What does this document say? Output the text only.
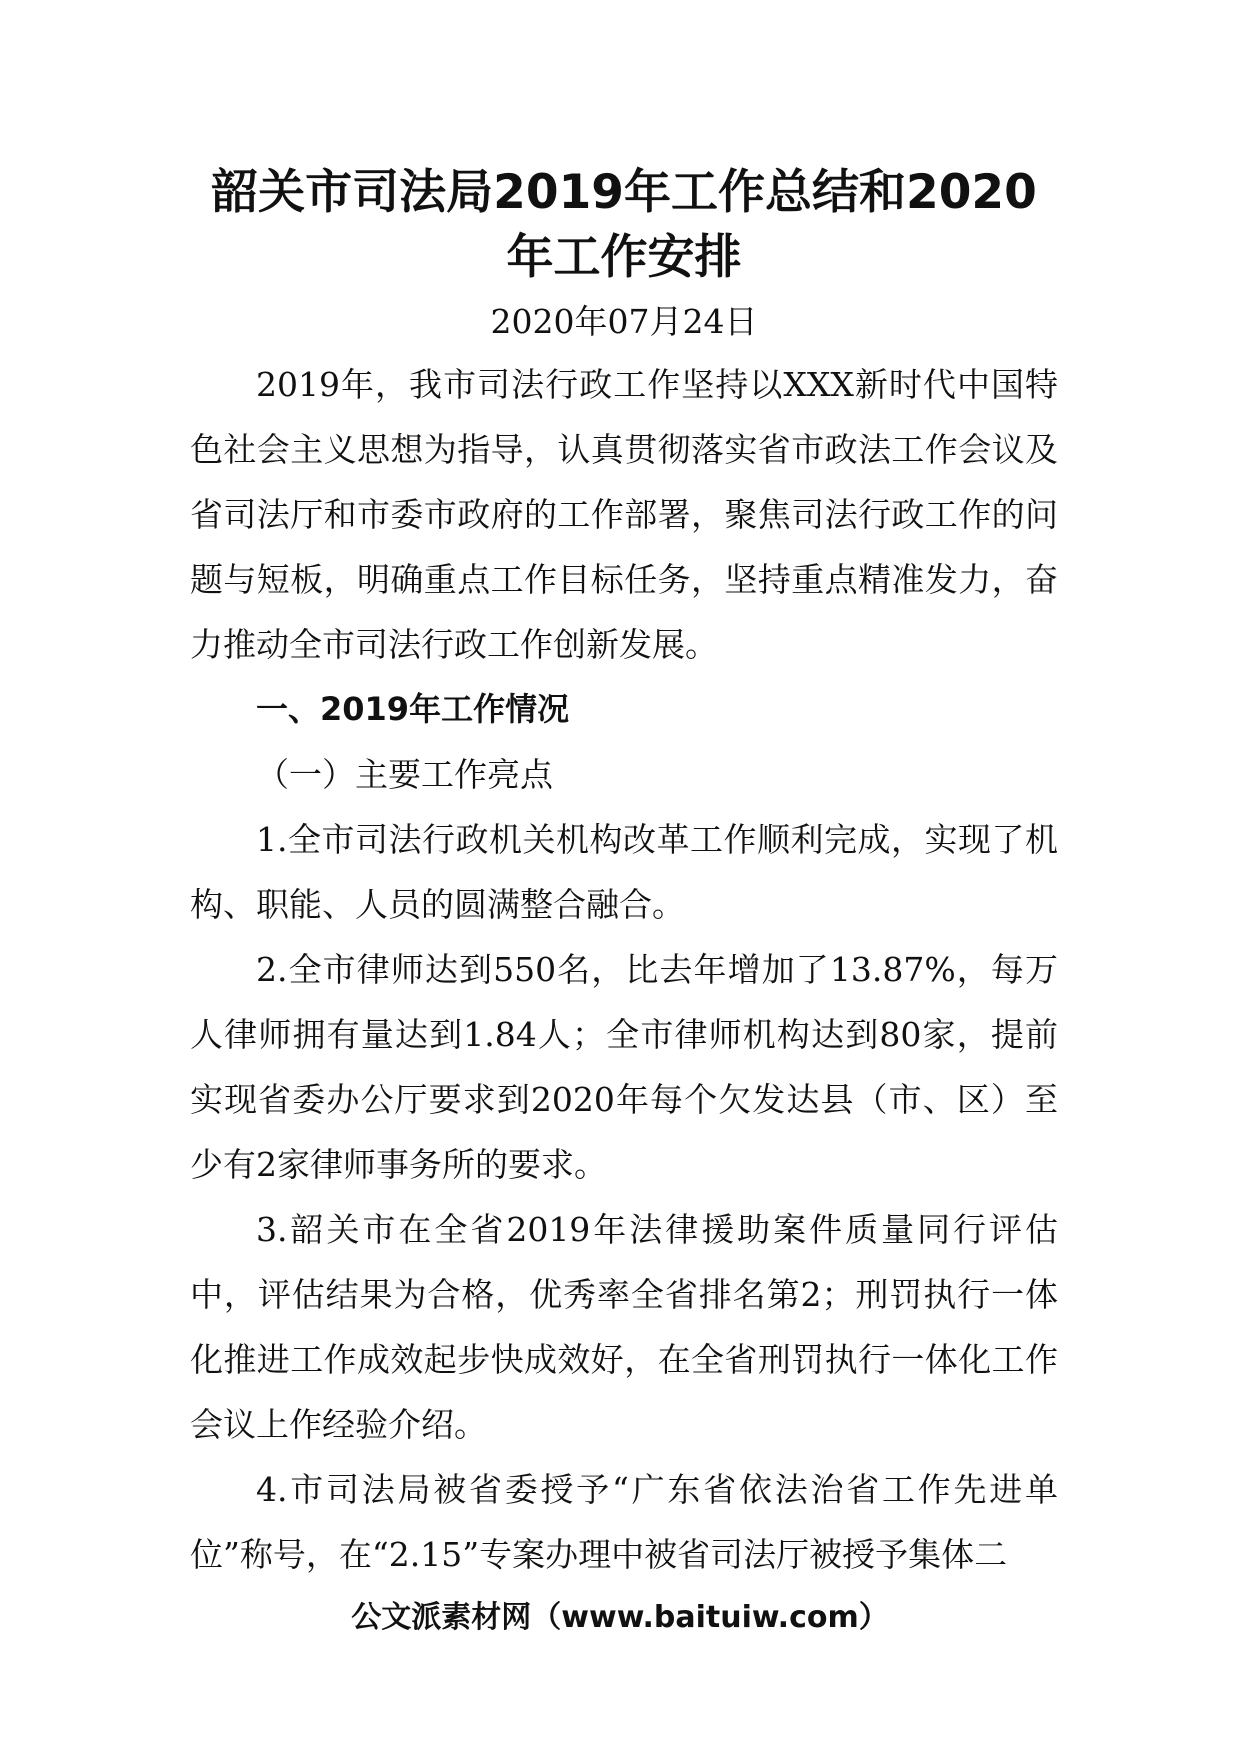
韶关市司法局2019年工作总结和2020年工作安排
2020年07月24日

2019年，我市司法行政工作坚持以XXX新时代中国特色社会主义思想为指导，认真贯彻落实省市政法工作会议及省司法厅和市委市政府的工作部署，聚焦司法行政工作的问题与短板，明确重点工作目标任务，坚持重点精准发力，奋力推动全市司法行政工作创新发展。

一、2019年工作情况

（一）主要工作亮点

1.全市司法行政机关机构改革工作顺利完成，实现了机构、职能、人员的圆满整合融合。

2.全市律师达到550名，比去年增加了13.87%，每万人律师拥有量达到1.84人；全市律师机构达到80家，提前实现省委办公厅要求到2020年每个欠发达县（市、区）至少有2家律师事务所的要求。

3.韶关市在全省2019年法律援助案件质量同行评估中，评估结果为合格，优秀率全省排名第2；刑罚执行一体化推进工作成效起步快成效好，在全省刑罚执行一体化工作会议上作经验介绍。

4.市司法局被省委授予“广东省依法治省工作先进单位”称号，在“2.15”专案办理中被省司法厅被授予集体二

公文派素材网（www.baituiw.com）
